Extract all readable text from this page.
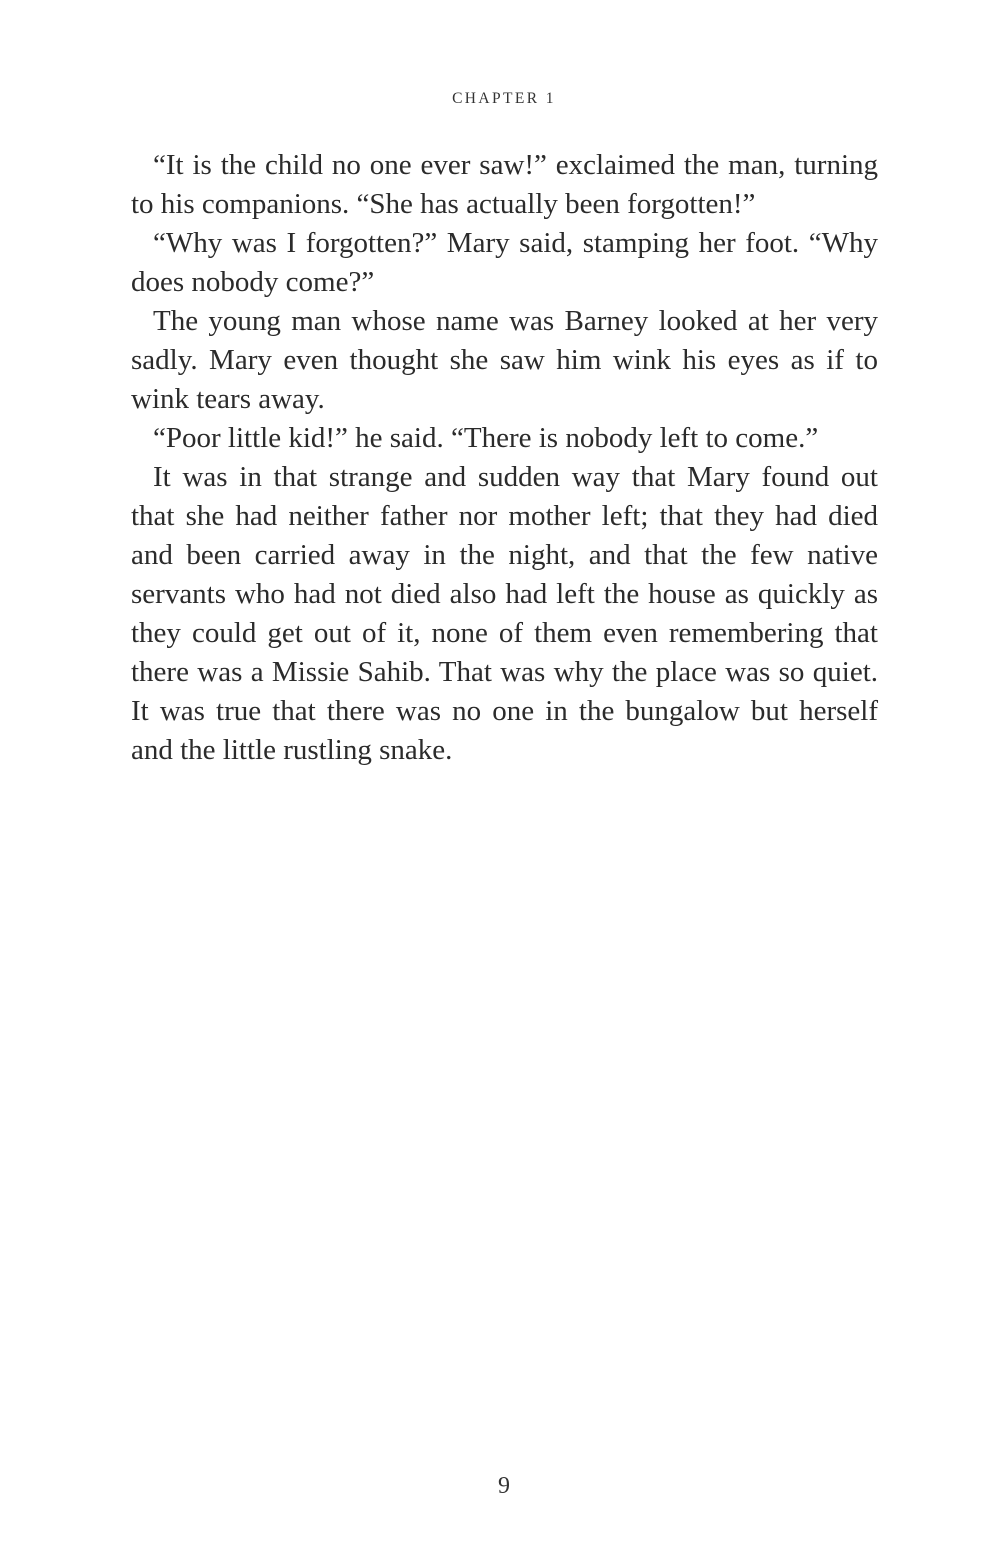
CHAPTER 1

“It is the child no one ever saw!” exclaimed the man, turning to his companions. “She has actually been forgotten!”

“Why was I forgotten?” Mary said, stamping her foot. “Why does nobody come?”

The young man whose name was Barney looked at her very sadly. Mary even thought she saw him wink his eyes as if to wink tears away.

“Poor little kid!” he said. “There is nobody left to come.”

It was in that strange and sudden way that Mary found out that she had neither father nor mother left; that they had died and been carried away in the night, and that the few native servants who had not died also had left the house as quickly as they could get out of it, none of them even remembering that there was a Missie Sahib. That was why the place was so quiet. It was true that there was no one in the bungalow but herself and the little rustling snake.

9
